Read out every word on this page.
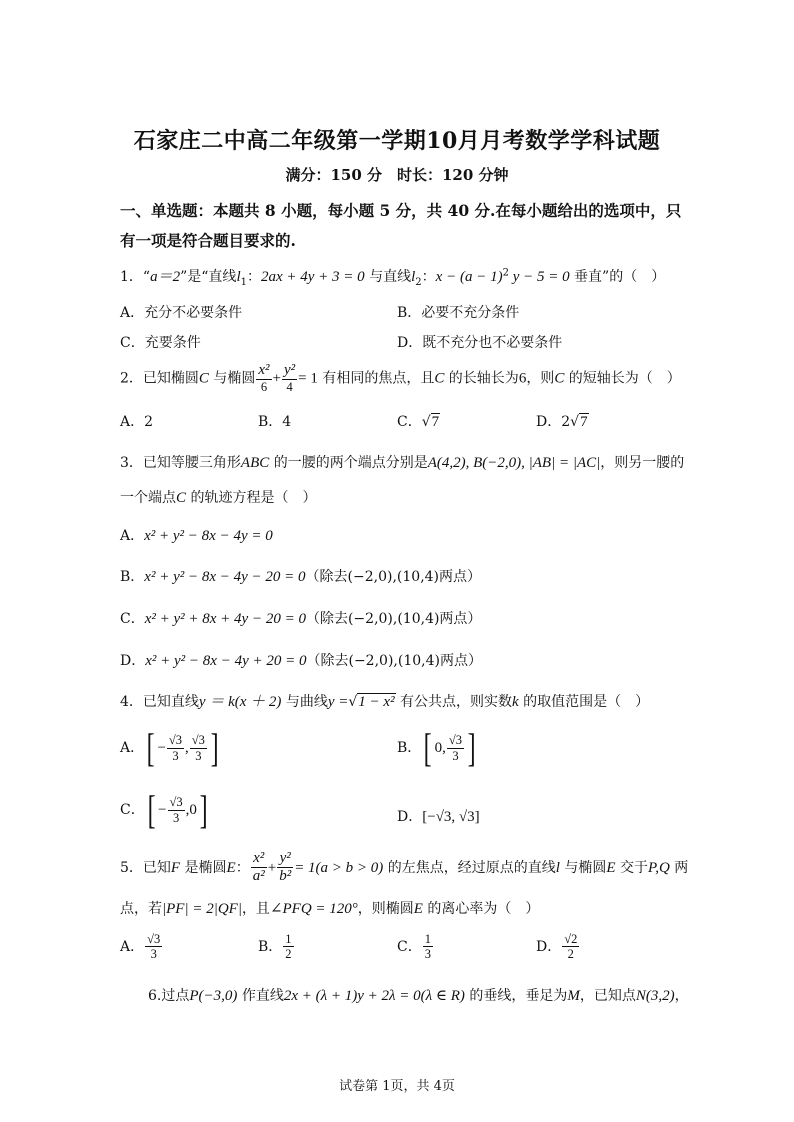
石家庄二中高二年级第一学期10月月考数学学科试题
满分：150 分　时长：120 分钟
一、单选题：本题共 8 小题，每小题 5 分，共 40 分.在每小题给出的选项中，只
有一项是符合题目要求的.
1．“a＝2”是“直线$l_1$：2ax + 4y + 3 = 0 与直线$l_2$：$x - (a - 1)^2$ y − 5 = 0 垂直”的（　）
A．充分不必要条件	B．必要不充分条件
C．充要条件	D．既不充分也不必要条件
2．已知椭圆C 与椭圆 $\frac{\text{x²}}{6} + \frac{\text{y²}}{4} = 1$ 有相同的焦点，且C 的长轴长为6，则C 的短轴长为（　）
A．2	B．4	C．√7	D．2√7
3．已知等腰三角形ABC 的一腰的两个端点分别是A(4,2), B(−2,0), |AB| = |AC|，则另一腰的
一个端点C 的轨迹方程是（　）
A．x² + y² − 8x − 4y = 0
B．x² + y² − 8x − 4y − 20 = 0（除去(−2,0),(10,4)两点）
C．x² + y² + 8x + 4y − 20 = 0（除去(−2,0),(10,4)两点）
D．x² + y² − 8x − 4y + 20 = 0（除去(−2,0),(10,4)两点）
4．已知直线y ＝ k(x ＋ 2) 与曲线y =√1 − x² 有公共点，则实数k 的取值范围是（　）
A．[ − $\frac{√3}{3}$ , $\frac{√3}{3}$ ]	B．[ 0, $\frac{√3}{3}$ ]
C．[ − $\frac{√3}{3} ,0$]	D．[−√3, √3]
5．已知F 是椭圆E： $\frac{\text{x²}}{\text{a²}} + \frac{\text{y²}}{\text{b²}} = 1(a > b > 0)$ 的左焦点，经过原点的直线l 与椭圆E 交于P,Q 两
点，若|PF| = 2|QF|，且∠PFQ = 120°，则椭圆E 的离心率为（　）
A． $\frac{√3}{3}$	B． $\frac{1}{2}$	C． $\frac{1}{3}$	D． $\frac{√2}{2}$
6.过点P(−3,0) 作直线2x + (λ + 1)y + 2λ = 0(λ ∈ R) 的垂线，垂足为M，已知点N(3,2)，
试卷第 1页，共 4页
